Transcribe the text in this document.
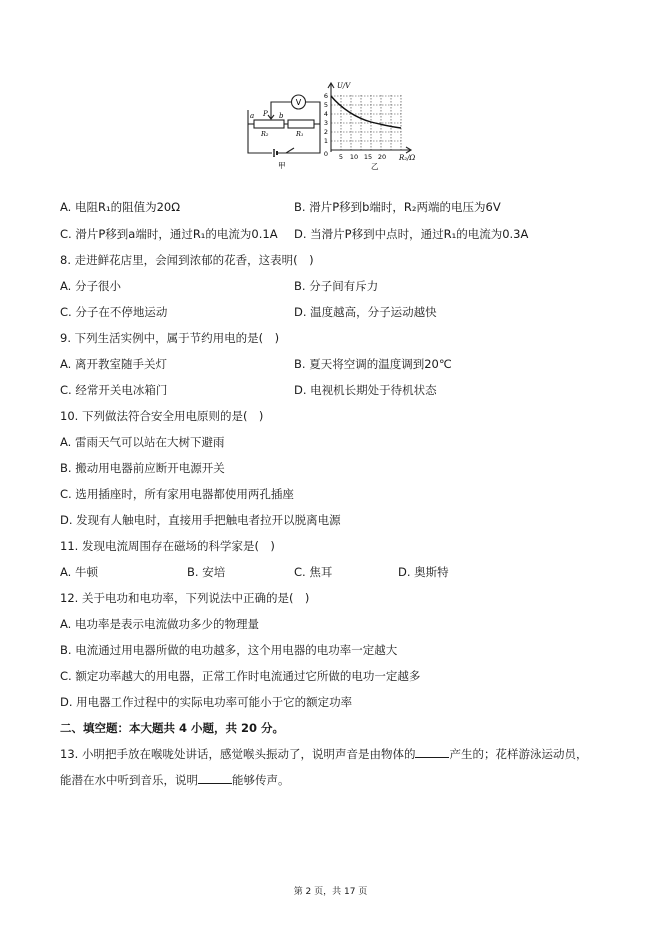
V
P
a	b
R₂	R₁
甲
U/V
1
2
3
4
5
6
0 5 10 15 20 R₂/Ω
乙
A. 电阻R₁的阻值为20Ω	B. 滑片P移到b端时，R₂两端的电压为6V
C. 滑片P移到a端时，通过R₁的电流为0.1A D. 当滑片P移到中点时，通过R₁的电流为0.3A
8. 走进鲜花店里，会闻到浓郁的花香，这表明(　)
A. 分子很小	B. 分子间有斥力
C. 分子在不停地运动	D. 温度越高，分子运动越快
9. 下列生活实例中，属于节约用电的是(　)
A. 离开教室随手关灯	B. 夏天将空调的温度调到20℃
C. 经常开关电冰箱门	D. 电视机长期处于待机状态
10. 下列做法符合安全用电原则的是(　)
A. 雷雨天气可以站在大树下避雨
B. 搬动用电器前应断开电源开关
C. 选用插座时，所有家用电器都使用两孔插座
D. 发现有人触电时，直接用手把触电者拉开以脱离电源
11. 发现电流周围存在磁场的科学家是(　)
A. 牛顿	B. 安培	C. 焦耳	D. 奥斯特
12. 关于电功和电功率，下列说法中正确的是(　)
A. 电功率是表示电流做功多少的物理量
B. 电流通过用电器所做的电功越多，这个用电器的电功率一定越大
C. 额定功率越大的用电器，正常工作时电流通过它所做的电功一定越多
D. 用电器工作过程中的实际电功率可能小于它的额定功率
二、填空题：本大题共 4 小题，共 20 分。
13. 小明把手放在喉咙处讲话，感觉喉头振动了，说明声音是由物体的	产生的；花样游泳运动员，
能潜在水中听到音乐，说明	能够传声。
第 2 页，共 17 页
